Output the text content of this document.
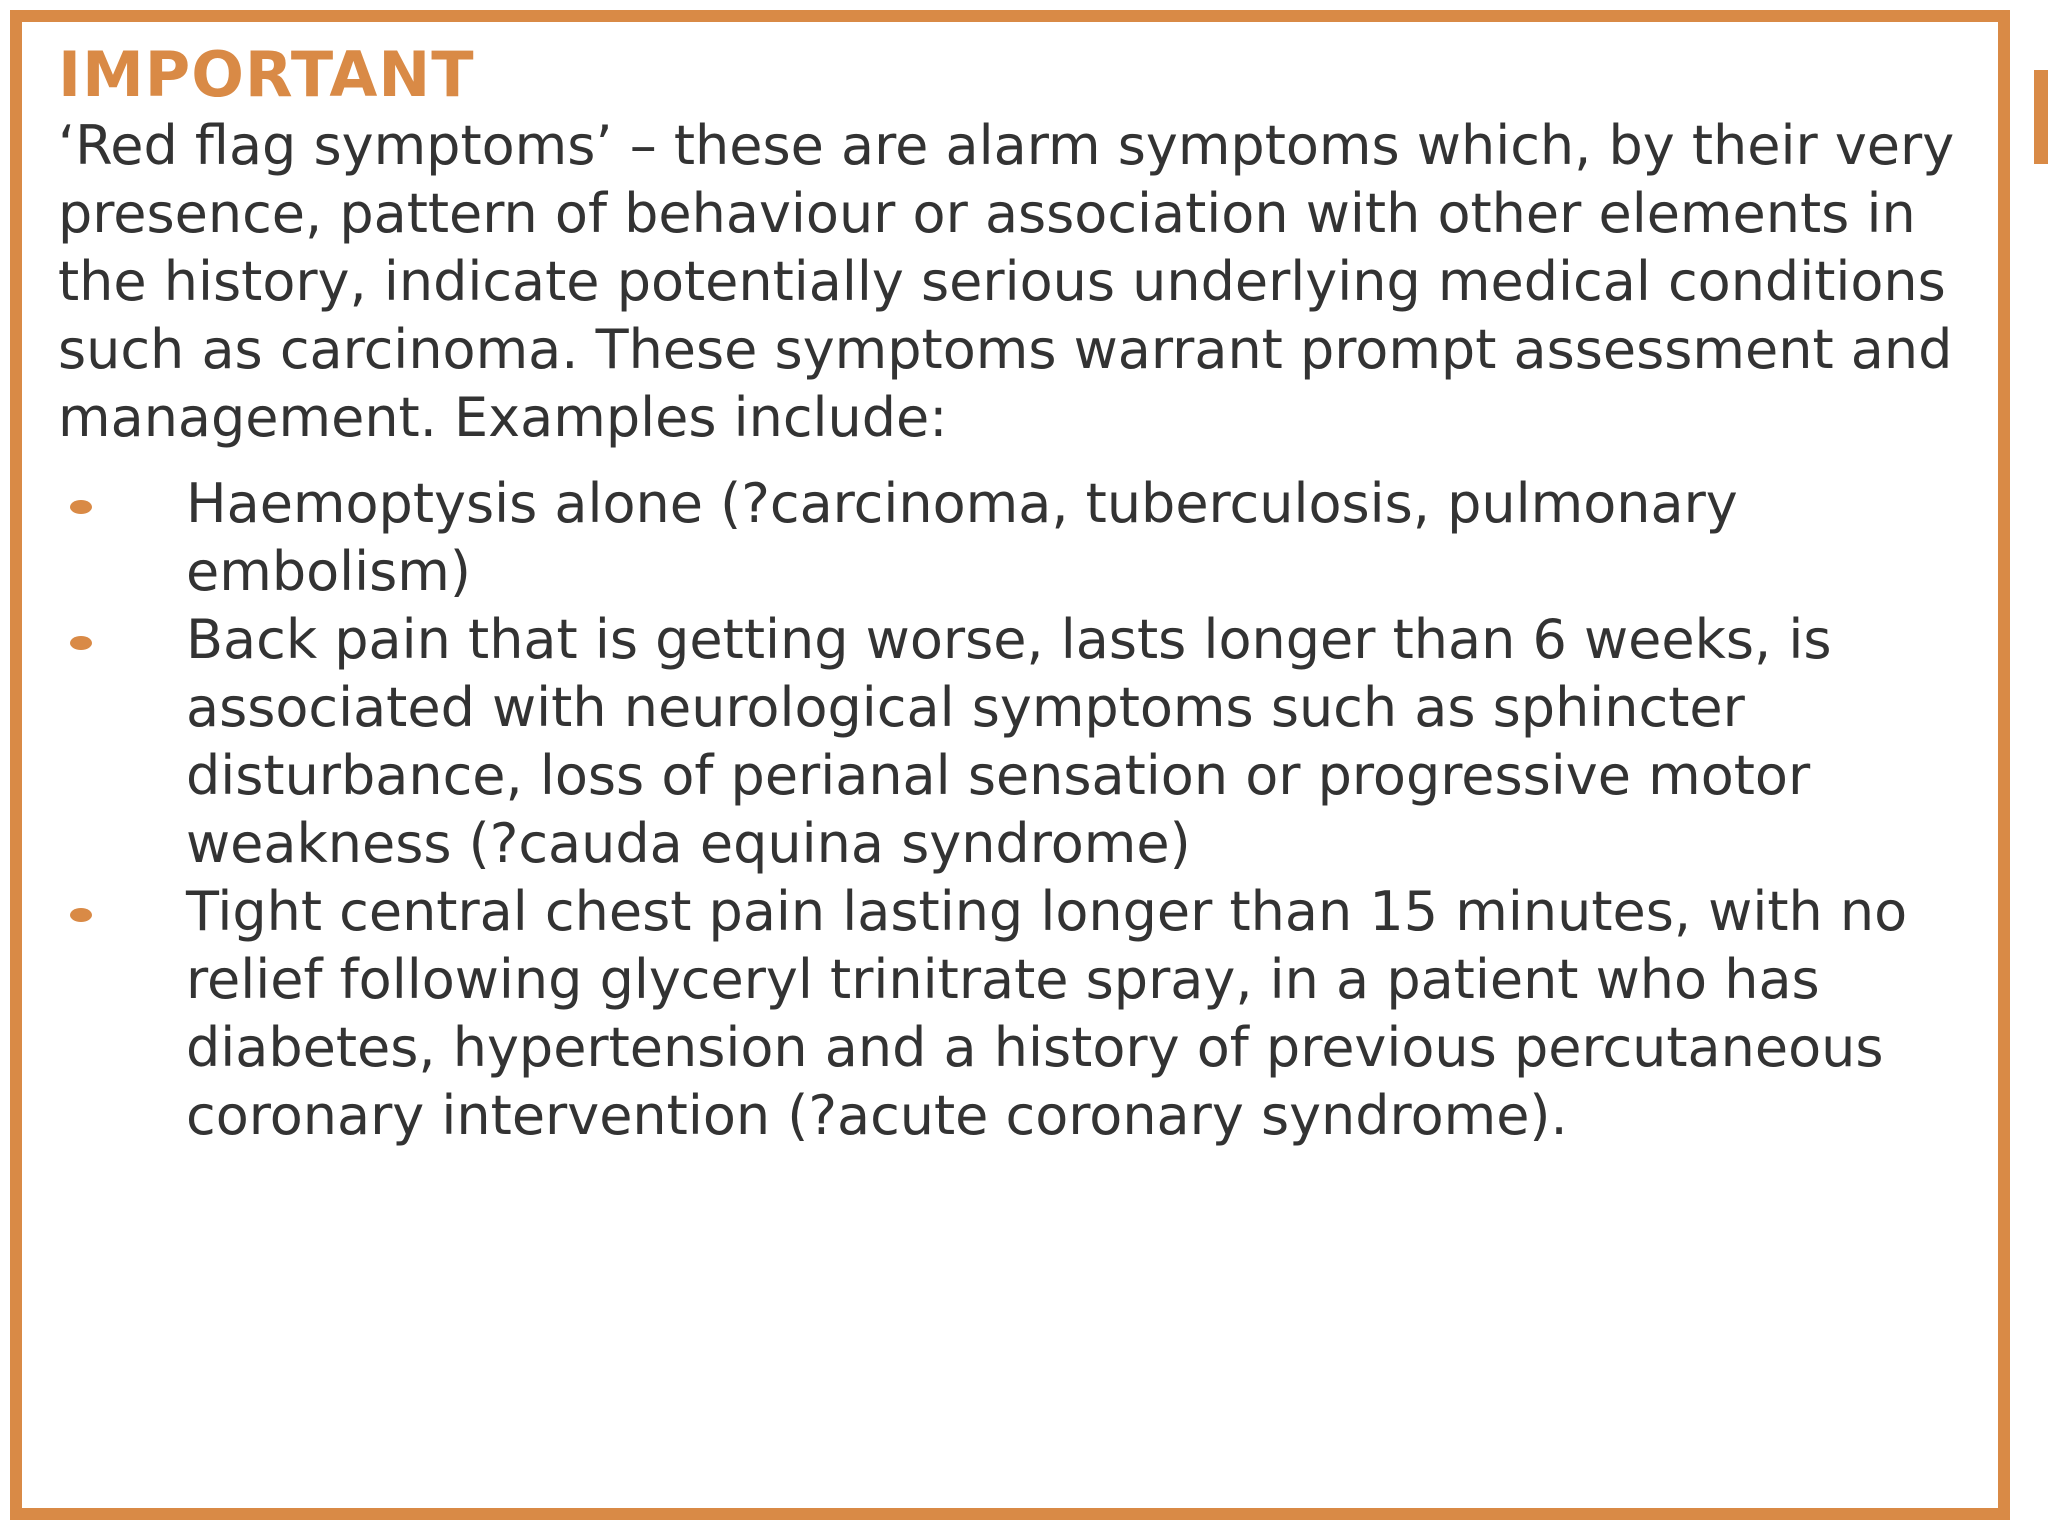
IMPORTANT

‘Red flag symptoms’ – these are alarm symptoms which, by their very presence, pattern of behaviour or association with other elements in the history, indicate potentially serious underlying medical conditions such as carcinoma. These symptoms warrant prompt assessment and management. Examples include:

Haemoptysis alone (?carcinoma, tuberculosis, pulmonary embolism)
Back pain that is getting worse, lasts longer than 6 weeks, is associated with neurological symptoms such as sphincter disturbance, loss of perianal sensation or progressive motor weakness (?cauda equina syndrome)
Tight central chest pain lasting longer than 15 minutes, with no relief following glyceryl trinitrate spray, in a patient who has diabetes, hypertension and a history of previous percutaneous coronary intervention (?acute coronary syndrome).
